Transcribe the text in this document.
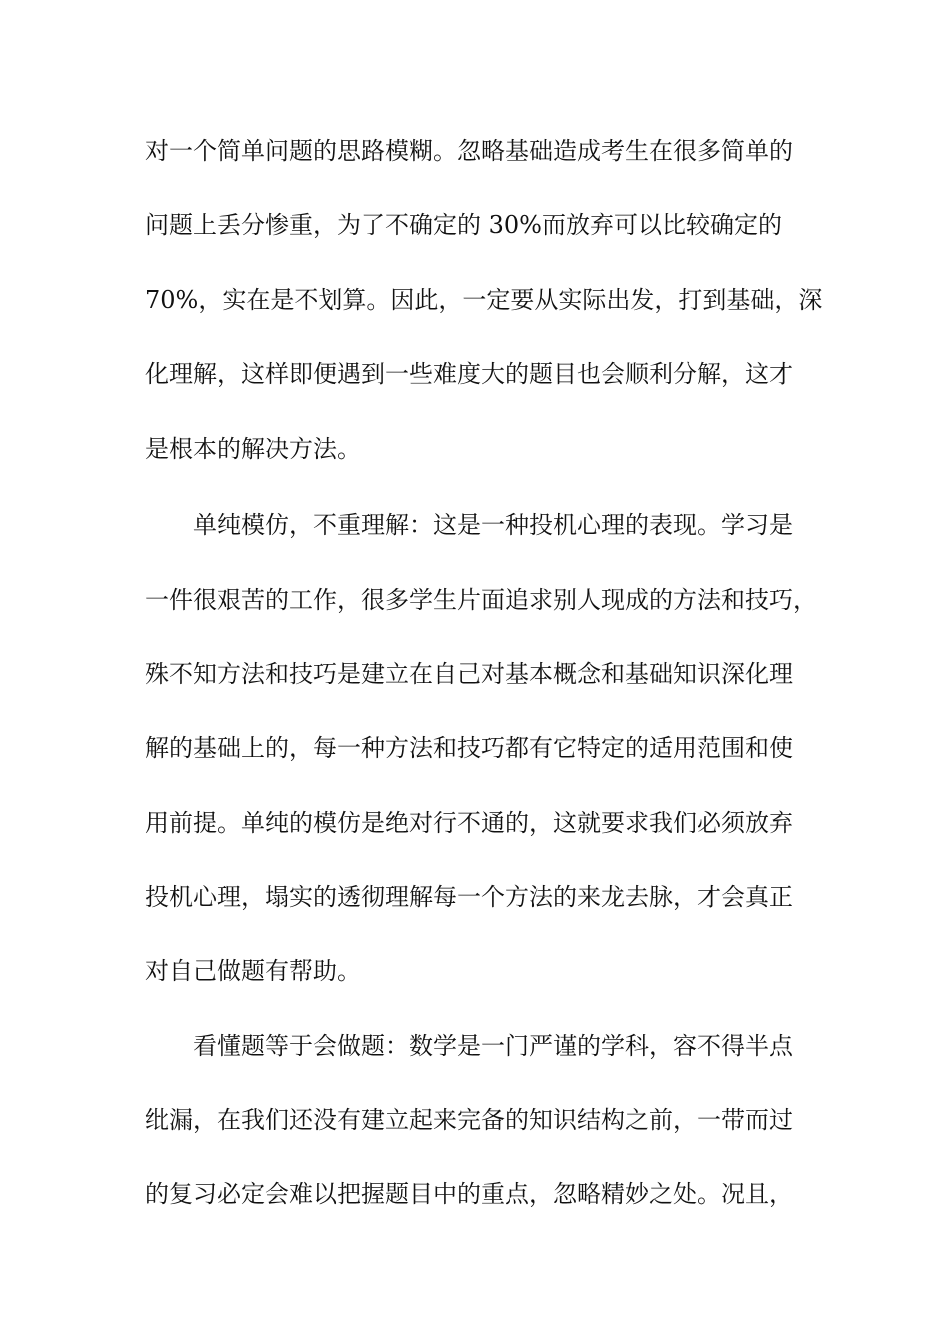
对一个简单问题的思路模糊。忽略基础造成考生在很多简单的
问题上丢分惨重，为了不确定的 30%而放弃可以比较确定的
70%，实在是不划算。因此，一定要从实际出发，打到基础，深
化理解，这样即便遇到一些难度大的题目也会顺利分解，这才
是根本的解决方法。
单纯模仿，不重理解：这是一种投机心理的表现。学习是
一件很艰苦的工作，很多学生片面追求别人现成的方法和技巧，
殊不知方法和技巧是建立在自己对基本概念和基础知识深化理
解的基础上的，每一种方法和技巧都有它特定的适用范围和使
用前提。单纯的模仿是绝对行不通的，这就要求我们必须放弃
投机心理，塌实的透彻理解每一个方法的来龙去脉，才会真正
对自己做题有帮助。
看懂题等于会做题：数学是一门严谨的学科，容不得半点
纰漏，在我们还没有建立起来完备的知识结构之前，一带而过
的复习必定会难以把握题目中的重点，忽略精妙之处。况且，
